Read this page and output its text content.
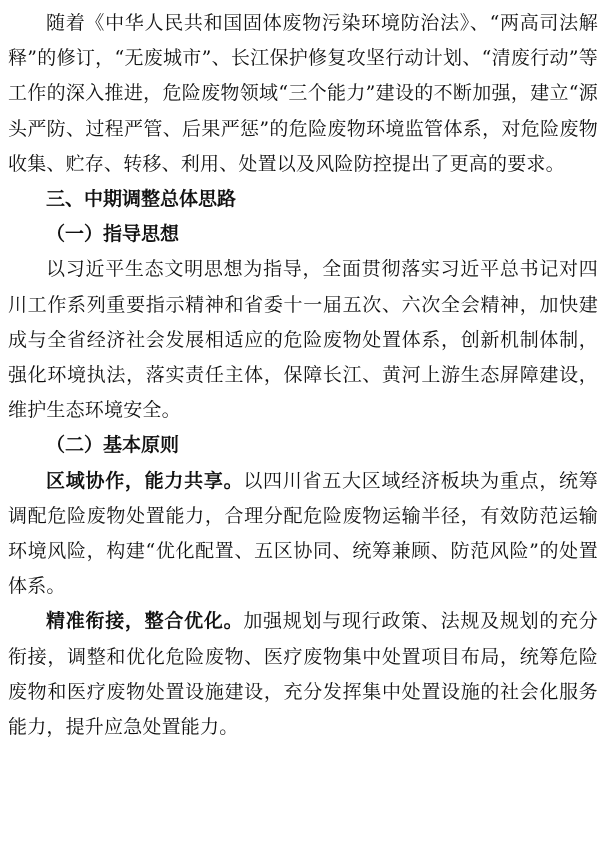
随着《中华人民共和国固体废物污染环境防治法》、“两高司法解释”的修订，“无废城市”、长江保护修复攻坚行动计划、“清废行动”等工作的深入推进，危险废物领域“三个能力”建设的不断加强，建立“源头严防、过程严管、后果严惩”的危险废物环境监管体系，对危险废物收集、贮存、转移、利用、处置以及风险防控提出了更高的要求。

三、中期调整总体思路

（一）指导思想

以习近平生态文明思想为指导，全面贯彻落实习近平总书记对四川工作系列重要指示精神和省委十一届五次、六次全会精神，加快建成与全省经济社会发展相适应的危险废物处置体系，创新机制体制，强化环境执法，落实责任主体，保障长江、黄河上游生态屏障建设，维护生态环境安全。

（二）基本原则

区域协作，能力共享。以四川省五大区域经济板块为重点，统筹调配危险废物处置能力，合理分配危险废物运输半径，有效防范运输环境风险，构建“优化配置、五区协同、统筹兼顾、防范风险”的处置体系。

精准衔接，整合优化。加强规划与现行政策、法规及规划的充分衔接，调整和优化危险废物、医疗废物集中处置项目布局，统筹危险废物和医疗废物处置设施建设，充分发挥集中处置设施的社会化服务能力，提升应急处置能力。
